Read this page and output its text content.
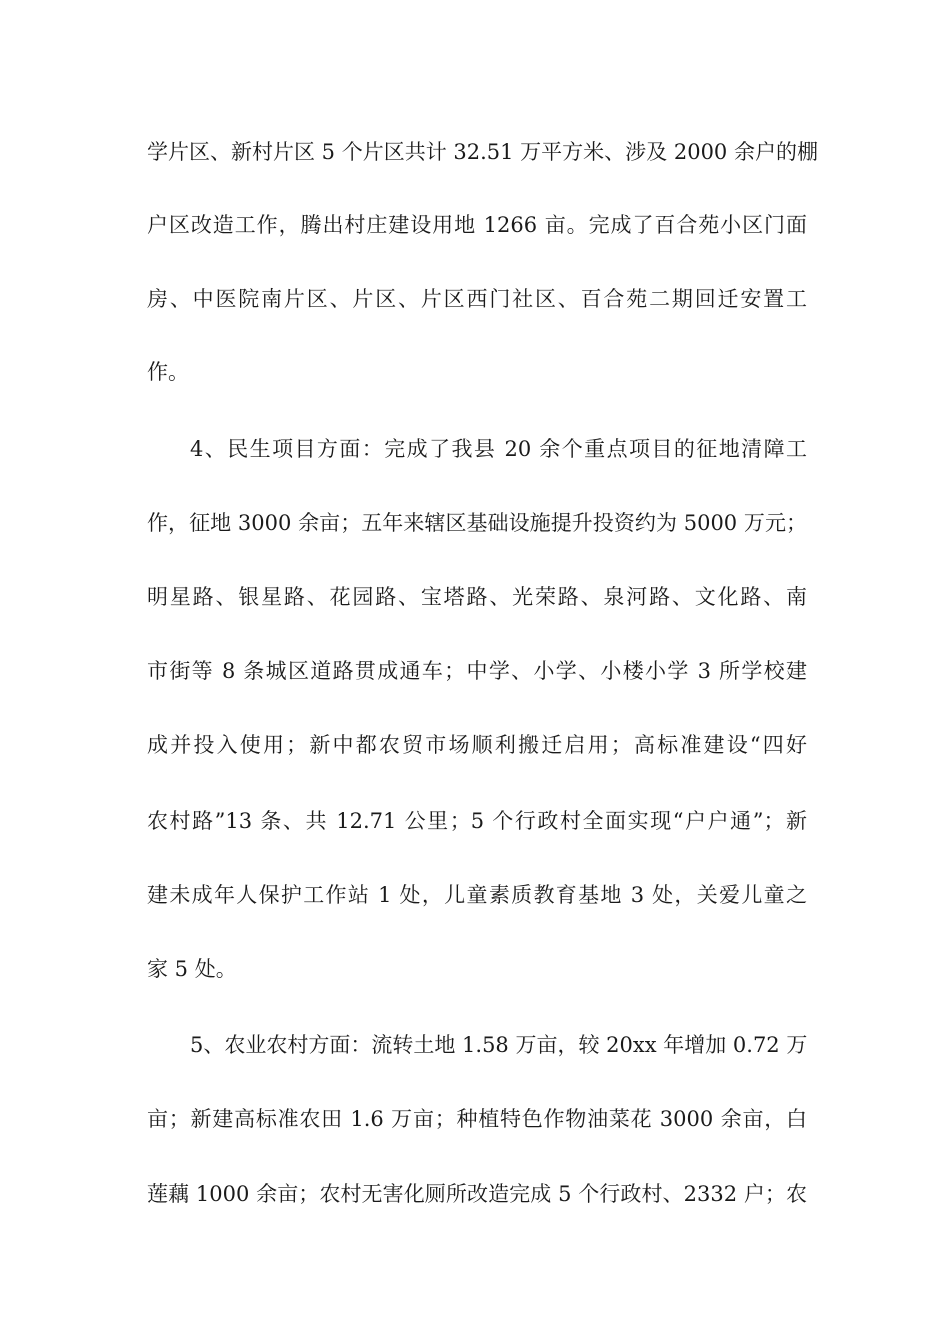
学片区、新村片区 5 个片区共计 32.51 万平方米、涉及 2000 余户的棚
户区改造工作，腾出村庄建设用地 1266 亩。完成了百合苑小区门面
房、中医院南片区、片区、片区西门社区、百合苑二期回迁安置工
作。
4、民生项目方面：完成了我县 20 余个重点项目的征地清障工
作，征地 3000 余亩；五年来辖区基础设施提升投资约为 5000 万元；
明星路、银星路、花园路、宝塔路、光荣路、泉河路、文化路、南
市街等 8 条城区道路贯成通车；中学、小学、小楼小学 3 所学校建
成并投入使用；新中都农贸市场顺利搬迁启用；高标准建设“四好
农村路”13 条、共 12.71 公里；5 个行政村全面实现“户户通”；新
建未成年人保护工作站 1 处，儿童素质教育基地 3 处，关爱儿童之
家 5 处。
5、农业农村方面：流转土地 1.58 万亩，较 20xx 年增加 0.72 万
亩；新建高标准农田 1.6 万亩；种植特色作物油菜花 3000 余亩，白
莲藕 1000 余亩；农村无害化厕所改造完成 5 个行政村、2332 户；农
